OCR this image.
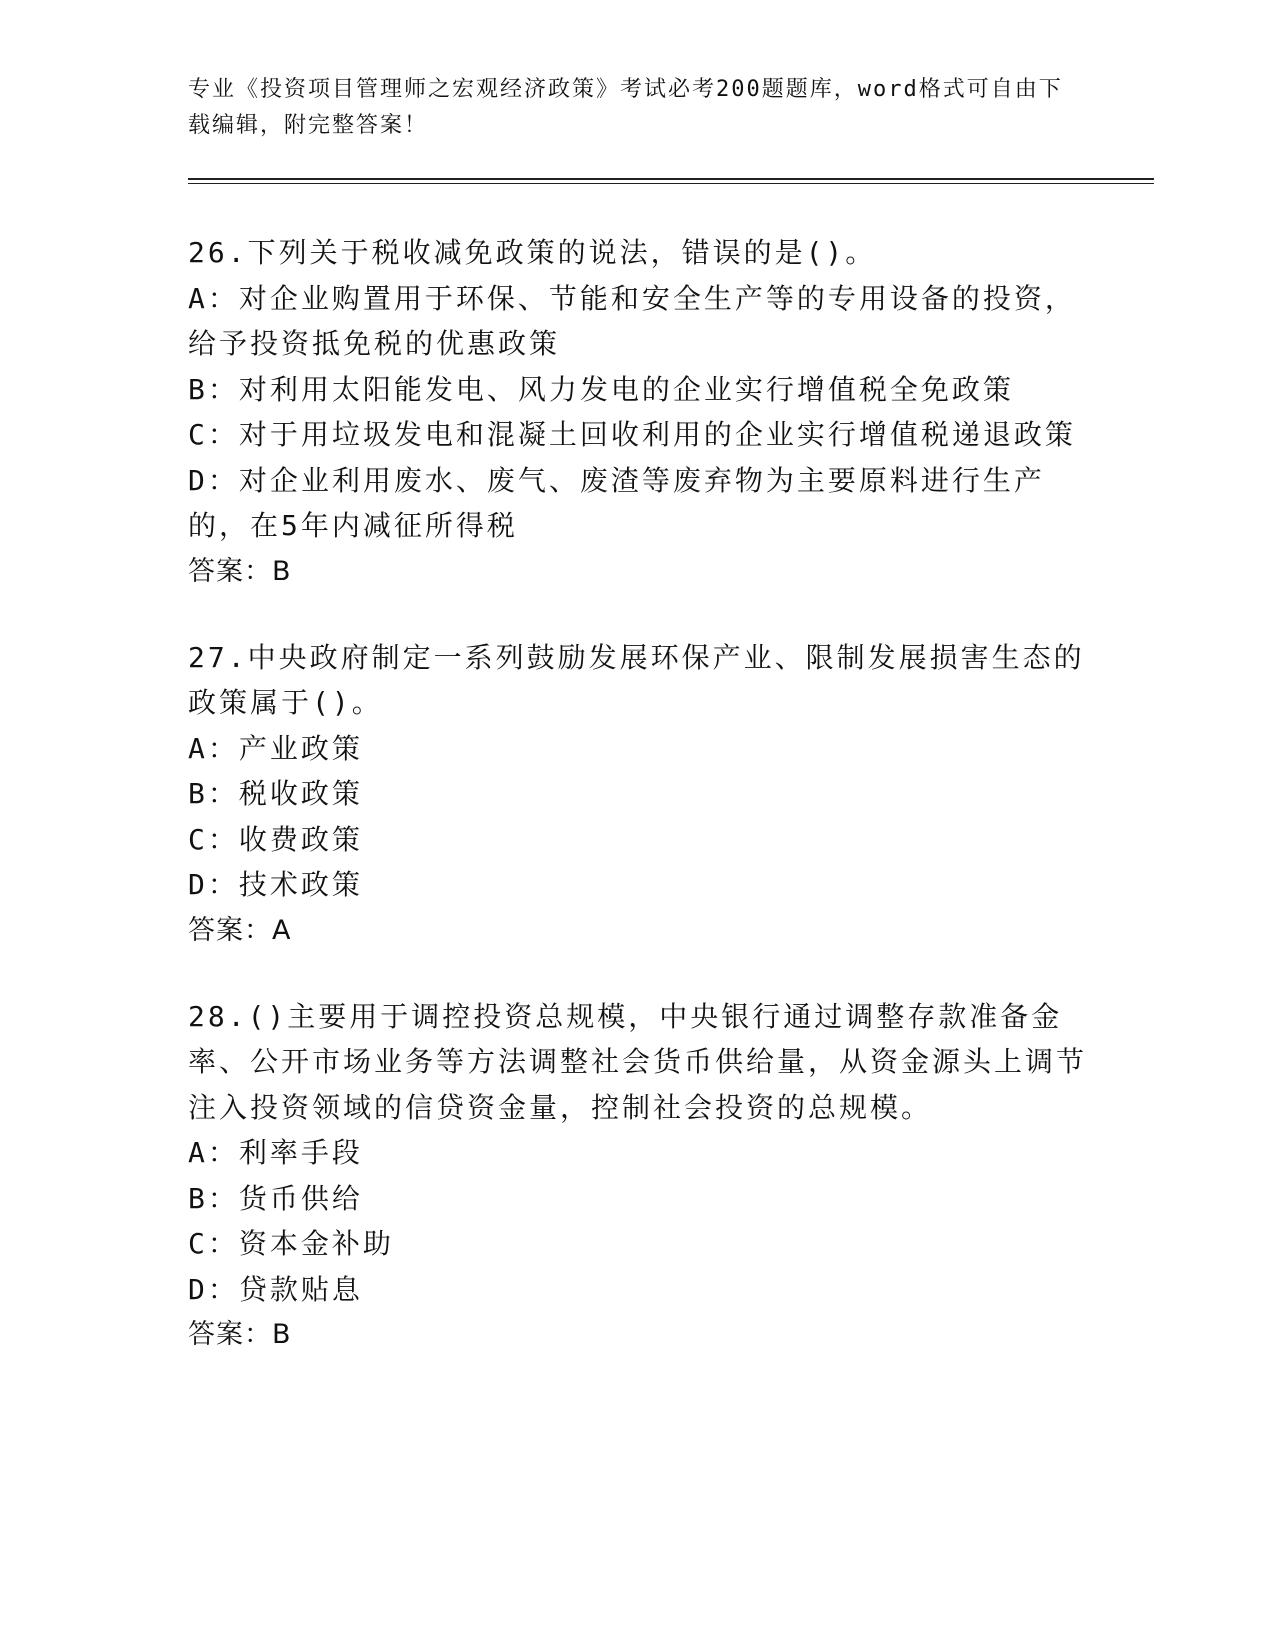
专业《投资项目管理师之宏观经济政策》考试必考200题题库，word格式可自由下载编辑，附完整答案！

26.下列关于税收减免政策的说法，错误的是()。

A：对企业购置用于环保、节能和安全生产等的专用设备的投资，给予投资抵免税的优惠政策

B：对利用太阳能发电、风力发电的企业实行增值税全免政策

C：对于用垃圾发电和混凝土回收利用的企业实行增值税递退政策

D：对企业利用废水、废气、废渣等废弃物为主要原料进行生产的，在5年内减征所得税

答案：B

27.中央政府制定一系列鼓励发展环保产业、限制发展损害生态的政策属于()。

A：产业政策

B：税收政策

C：收费政策

D：技术政策

答案：A

28.()主要用于调控投资总规模，中央银行通过调整存款准备金率、公开市场业务等方法调整社会货币供给量，从资金源头上调节注入投资领域的信贷资金量，控制社会投资的总规模。

A：利率手段

B：货币供给

C：资本金补助

D：贷款贴息

答案：B
